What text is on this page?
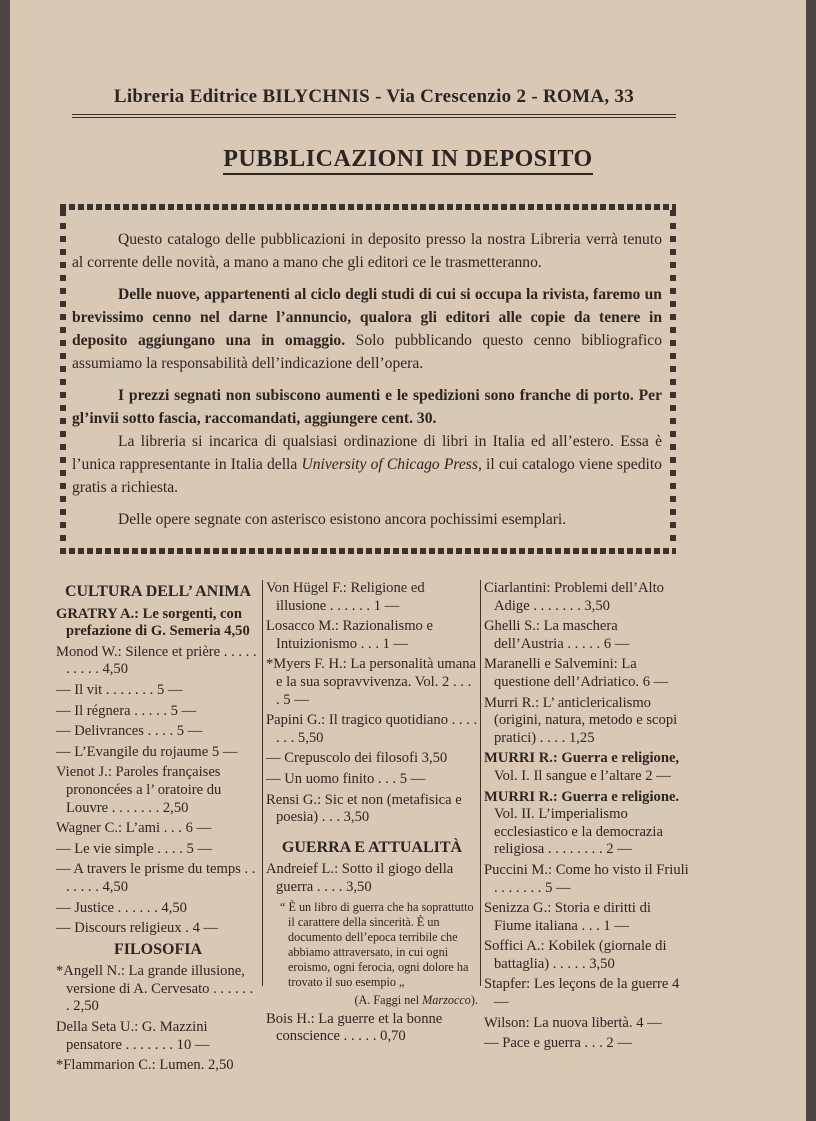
Libreria Editrice BILYCHNIS - Via Crescenzio 2 - ROMA, 33
PUBBLICAZIONI IN DEPOSITO

Questo catalogo delle pubblicazioni in deposito presso la nostra Libreria verrà tenuto al corrente delle novità, a mano a mano che gli editori ce le trasmetteranno.

Delle nuove, appartenenti al ciclo degli studi di cui si occupa la rivista, faremo un brevissimo cenno nel darne l’annuncio, qualora gli editori alle copie da tenere in deposito aggiungano una in omaggio. Solo pubblicando questo cenno bibliografico assumiamo la responsabilità dell’indicazione dell’opera.

I prezzi segnati non subiscono aumenti e le spedizioni sono franche di porto. Per gl’invii sotto fascia, raccomandati, aggiungere cent. 30.

La libreria si incarica di qualsiasi ordinazione di libri in Italia ed all’estero. Essa è l’unica rappresentante in Italia della University of Chicago Press, il cui catalogo viene spedito gratis a richiesta.

Delle opere segnate con asterisco esistono ancora pochissimi esemplari.

CULTURA DELL’ ANIMA
GRATRY A.: Le sorgenti, con prefazione di G. Semeria 4,50
Monod W.: Silence et prière . . . . . . . . . . 4,50
— Il vit . . . . . . . 5 —
— Il régnera . . . . . 5 —
— Delivrances . . . . 5 —
— L’Evangile du rojaume 5 —
Vienot J.: Paroles françaises prononcées a l’ oratoire du Louvre . . . . . . . 2,50
Wagner C.: L’ami . . . 6 —
— Le vie simple . . . . 5 —
— A travers le prisme du temps . . . . . . . 4,50
— Justice . . . . . . 4,50
— Discours religieux . 4 —
FILOSOFIA
*Angell N.: La grande illusione, versione di A. Cervesato . . . . . . . 2,50
Della Seta U.: G. Mazzini pensatore . . . . . . . 10 —
*Flammarion C.: Lumen. 2,50
Von Hügel F.: Religione ed illusione . . . . . . 1 —
Losacco M.: Razionalismo e Intuizionismo . . . 1 —
*Myers F. H.: La personalità umana e la sua sopravvivenza. Vol. 2 . . . . 5 —
Papini G.: Il tragico quotidiano . . . . . . . 5,50
— Crepuscolo dei filosofi 3,50
— Un uomo finito . . . 5 —
Rensi G.: Sic et non (metafisica e poesia) . . . 3,50
GUERRA E ATTUALITÀ
Andreief L.: Sotto il giogo della guerra . . . . 3,50
“ È un libro di guerra che ha soprattutto il carattere della sincerità. È un documento dell’epoca terribile che abbiamo attraversato, in cui ogni eroismo, ogni ferocia, ogni dolore ha trovato il suo esempio „
(A. Faggi nel Marzocco).
Bois H.: La guerre et la bonne conscience . . . . . 0,70
Ciarlantini: Problemi dell’Alto Adige . . . . . . . 3,50
Ghelli S.: La maschera dell’Austria . . . . . 6 —
Maranelli e Salvemini: La questione dell’Adriatico. 6 —
Murri R.: L’ anticlericalismo (origini, natura, metodo e scopi pratici) . . . . 1,25
MURRI R.: Guerra e religione, Vol. I. Il sangue e l’altare 2 —
MURRI R.: Guerra e religione. Vol. II. L’imperialismo ecclesiastico e la democrazia religiosa . . . . . . . . 2 —
Puccini M.: Come ho visto il Friuli . . . . . . . 5 —
Senizza G.: Storia e diritti di Fiume italiana . . . 1 —
Soffici A.: Kobilek (giornale di battaglia) . . . . . 3,50
Stapfer: Les leçons de la guerre 4 —
Wilson: La nuova libertà. 4 —
— Pace e guerra . . . 2 —
